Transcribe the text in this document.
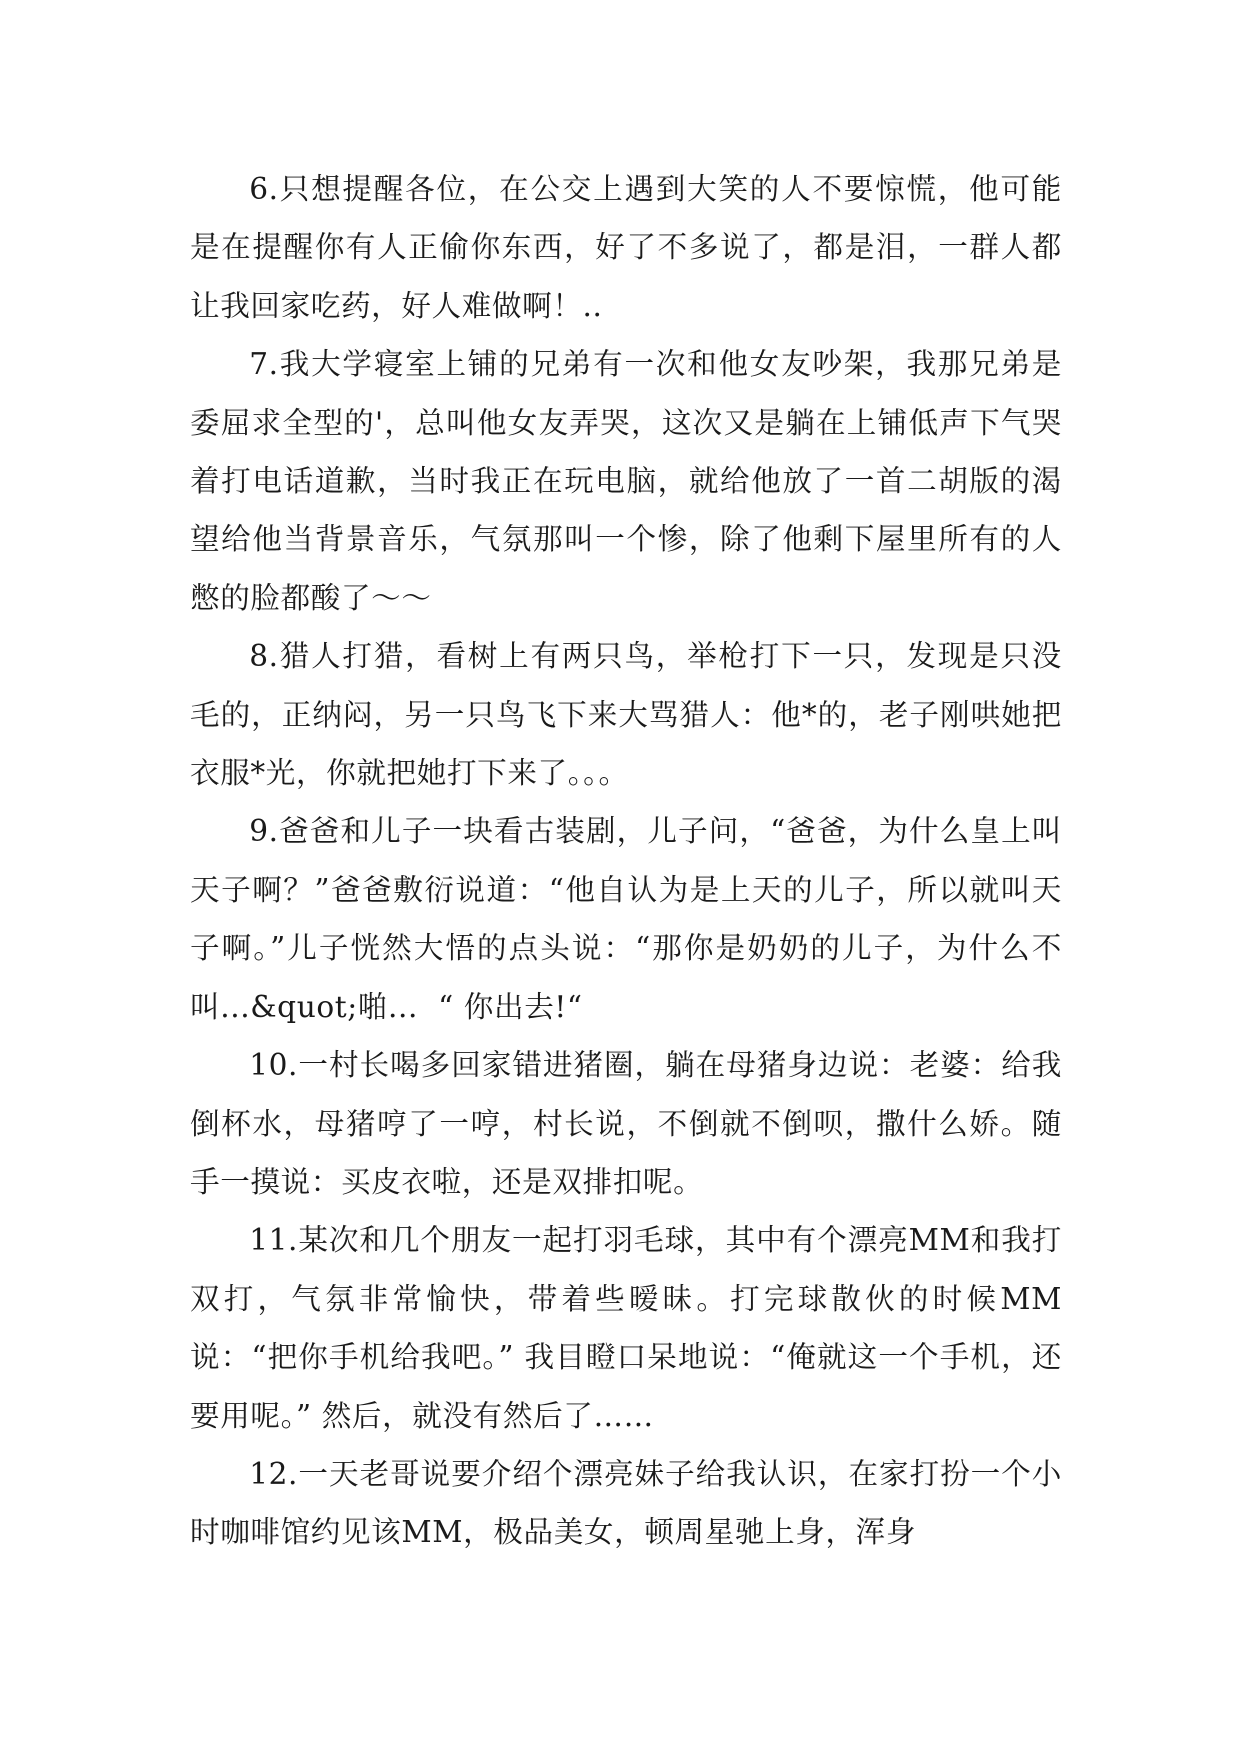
6.只想提醒各位，在公交上遇到大笑的人不要惊慌，他可能是在提醒你有人正偷你东西，好了不多说了，都是泪，一群人都让我回家吃药，好人难做啊！..

7.我大学寝室上铺的兄弟有一次和他女友吵架，我那兄弟是委屈求全型的'，总叫他女友弄哭，这次又是躺在上铺低声下气哭着打电话道歉，当时我正在玩电脑，就给他放了一首二胡版的渴望给他当背景音乐，气氛那叫一个惨，除了他剩下屋里所有的人憋的脸都酸了～～

8.猎人打猎，看树上有两只鸟，举枪打下一只，发现是只没毛的，正纳闷，另一只鸟飞下来大骂猎人：他*的，老子刚哄她把衣服*光，你就把她打下来了。。。

9.爸爸和儿子一块看古装剧，儿子问，“爸爸，为什么皇上叫天子啊？”爸爸敷衍说道：“他自认为是上天的儿子，所以就叫天子啊。”儿子恍然大悟的点头说：“那你是奶奶的儿子，为什么不叫...&quot;啪...  “ 你出去!“

10.一村长喝多回家错进猪圈，躺在母猪身边说：老婆：给我倒杯水，母猪哼了一哼，村长说，不倒就不倒呗，撒什么娇。随手一摸说：买皮衣啦，还是双排扣呢。

11.某次和几个朋友一起打羽毛球，其中有个漂亮MM和我打双打，气氛非常愉快，带着些暧昧。打完球散伙的时候MM说：“把你手机给我吧。” 我目瞪口呆地说：“俺就这一个手机，还要用呢。” 然后，就没有然后了……

12.一天老哥说要介绍个漂亮妹子给我认识，在家打扮一个小时咖啡馆约见该MM，极品美女，顿周星驰上身，浑身
